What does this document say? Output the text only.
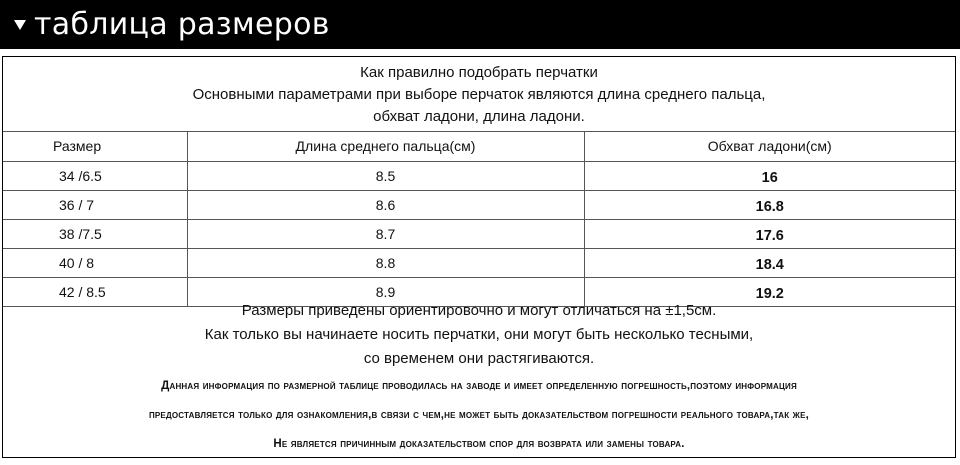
таблица размеров
Как правилно подобрать перчатки
Основными параметрами при выборе перчаток являются длина среднего пальца,
обхват ладони, длина ладони.
Размер	Длина среднего пальца(см)	Обхват ладони(см)
34 /6.5	8.5	16
36 / 7	8.6	16.8
38 /7.5	8.7	17.6
40 / 8	8.8	18.4
42 / 8.5	8.9	19.2
Размеры приведены ориентировочно и могут отличаться на ±1,5см.
Как только вы начинаете носить перчатки, они могут быть несколько тесными,
со временем они растягиваются.
Данная информация по размерной таблице проводилась на заводе и имеет определенную погрешность,поэтому информация
предоставляется только для ознакомления,в связи с чем,не может быть доказательством погрешности реального товара,так же,
Не является причинным доказательством спор для возврата или замены товара.
